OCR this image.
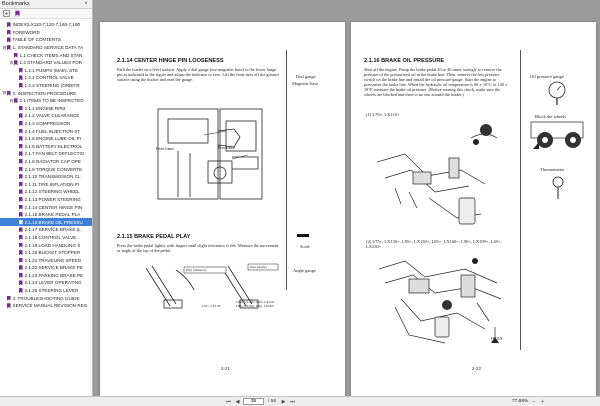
Bookmarks	×
INDEX(LX110-7,120-7,160-7,190
FOREWORD
TABLE OF CONTENTS
⊟ 1. STANDARD SERVICE DATA TA
1.1 CHECK ITEMS AND STAN
⊟ 1.2 STANDARD VALUES FOR
1.2.1 PUMPS (MAIN, STE
1.2.2 CONTROL VALVE
1.2.3 STEERING (ORBITR
⊟ 2. INSPECTION PROCEDURE
⊟ 2.1 ITEMS TO BE INSPECTED
2.1.1 ENGINE RPM
2.1.2 VALVE CLEARANCE
2.1.3 COMPRESSION
2.1.4 FUEL INJECTION ST
2.1.5 ENGINE LUBE OIL PI
2.1.6 BATTERY ELECTROL
2.1.7 FAN BELT DEFLECTIO
2.1.8 RADIATOR CAP OPE
2.1.9 TORQUE CONVERTE
2.1.10 TRANSMISSION CL
2.1.11 TIRE INFLATION PI
2.1.12 STEERING WHEEL
2.1.13 POWER STEERING
2.1.14 CENTER HINGE PIN
2.1.15 BRAKE PEDAL PLA
2.1.16 BRAKE OIL PRESSU
2.1.17 SERVICE BRAKE (L
2.1.18 CONTROL VALVE
2.1.19 LOAD HANDLING S
2.1.20 BUCKET STOPPER
2.1.21 TRAVELING SPEED
2.1.22 SERVICE BRAKE PE
2.1.23 PARKING BRAKE PE
2.1.24 LEVER OPERATING
2.1.25 STEERING LEVER
3. TROUBLESHOOTING GUIDE
SERVICE MANUAL REVISION REG
2.1.14 CENTER HINGE PIN LOOSENESS
Park the loader on a level surface. Apply a dial gauge (use magnetic base) to the lower hinge pin as indicated in the figure and adjust the indicator to zero. Lift the front tires off the ground surface using the bucket and read the gauge.
Dial gauge
Magnetic base
Front frame	Rear frame
Scale
Angle gauge
2.1.15 BRAKE PEDAL PLAY
Press the brake pedal lightly with fingers until slight resistance is felt. Measure the movement or angle of the top of the pedal.
Play (distance)
Play (angle)
L65+, LX110+
L65s, LX130+, L65s, LX160+ L85s, LX150s, L90s, LX190+
2-21
2.1.16 BRAKE OIL PRESSURE
Shut off the engine. Pump the brake pedal 20 to 40 times strongly to remove the pressure of the pressurized oil in the brake line. Then, remove the low pressure switch on the brake line and install the oil pressure gauge. Start the engine to pressurize the brake line. When the hydraulic oil temperature is 68 ± 10°C or 140 ± 18°F, measure the brake oil pressure. (Before starting this check, make sure the wheels are blocked and there is no one around the loader.)
Oil pressure gauge
Block the wheels
Thermometer
(1) L70+, LX110+
(2) L75+, LX130+, L85+, LX130+, L85+, LX160+, L90+, LX190+, L40+, LX230+
FRONT
2-22
⏮ ◀	36	/ 58	▶ ⏭	77.68% −	+
